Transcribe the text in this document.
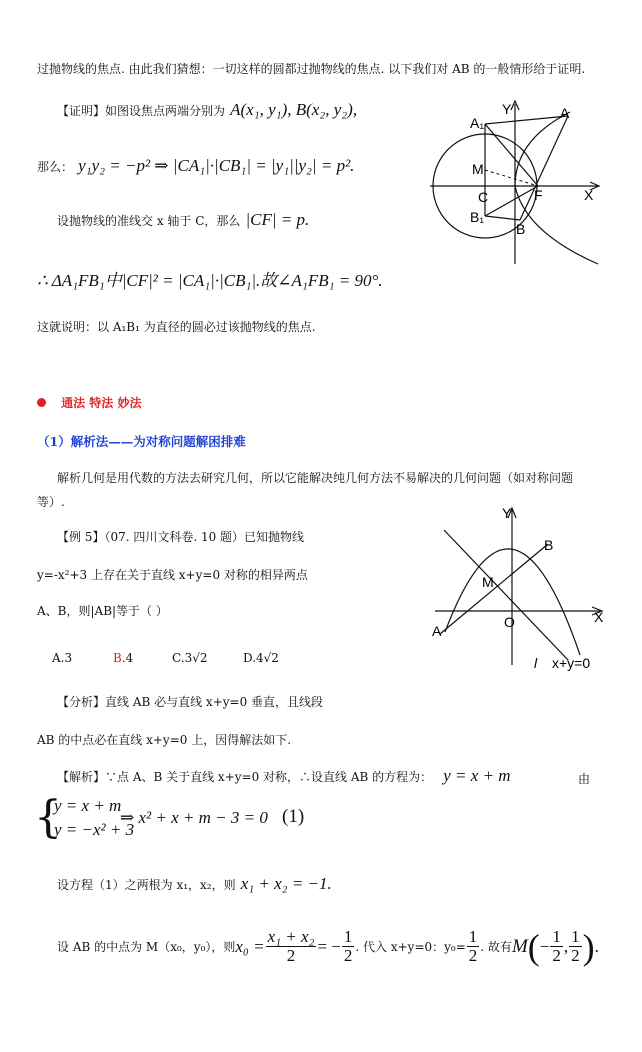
过抛物线的焦点. 由此我们猜想：一切这样的圆都过抛物线的焦点. 以下我们对 AB 的一般情形给于证明.
【证明】如图设焦点两端分别为 A(x₁, y₁), B(x₂, y₂),
那么： y₁y₂ = −p² ⇒ |CA₁|·|CB₁| = |y₁||y₂| = p².
设抛物线的准线交 x 轴于 C，那么 |CF| = p.
∴ ΔA₁FB₁中|CF|² = |CA₁|·|CB₁|.故∠A₁FB₁ = 90°.
这就说明：以 A₁B₁ 为直径的圆必过该抛物线的焦点.
Y	A
A₁
M
C	F	X
B₁
B
通法 特法 妙法
（1）解析法——为对称问题解困排难
解析几何是用代数的方法去研究几何，所以它能解决纯几何方法不易解决的几何问题（如对称问题等）.
【例 5】（07. 四川文科卷. 10 题）已知抛物线
y=-x²+3 上存在关于直线 x+y=0 对称的相异两点
A、B，则|AB|等于（ ）
A.3	B.4	C.3√2	D.4√2
Y
B
M
X
O
A
l x+y=0
【分析】直线 AB 必与直线 x+y=0 垂直，且线段
AB 的中点必在直线 x+y=0 上，因得解法如下.
【解析】∵点 A、B 关于直线 x+y=0 对称，∴设直线 AB 的方程为： y = x + m	由
{
y = x + m
y = −x² + 3
⇒ x² + x + m − 3 = 0 (1)
设方程（1）之两根为 x₁，x₂，则 x₁ + x₂ = −1.
设 AB 的中点为 M（x₀，y₀），则 $x_0 = \frac{\text{x₁ + x₂}}{2}$ = − $\frac{1}{2}$ . 代入 x+y=0：$y_0= \frac{1}{2}$ . 故有 M ( − $\frac{1}{2}$ , $\frac{1}{2}$ ) .
